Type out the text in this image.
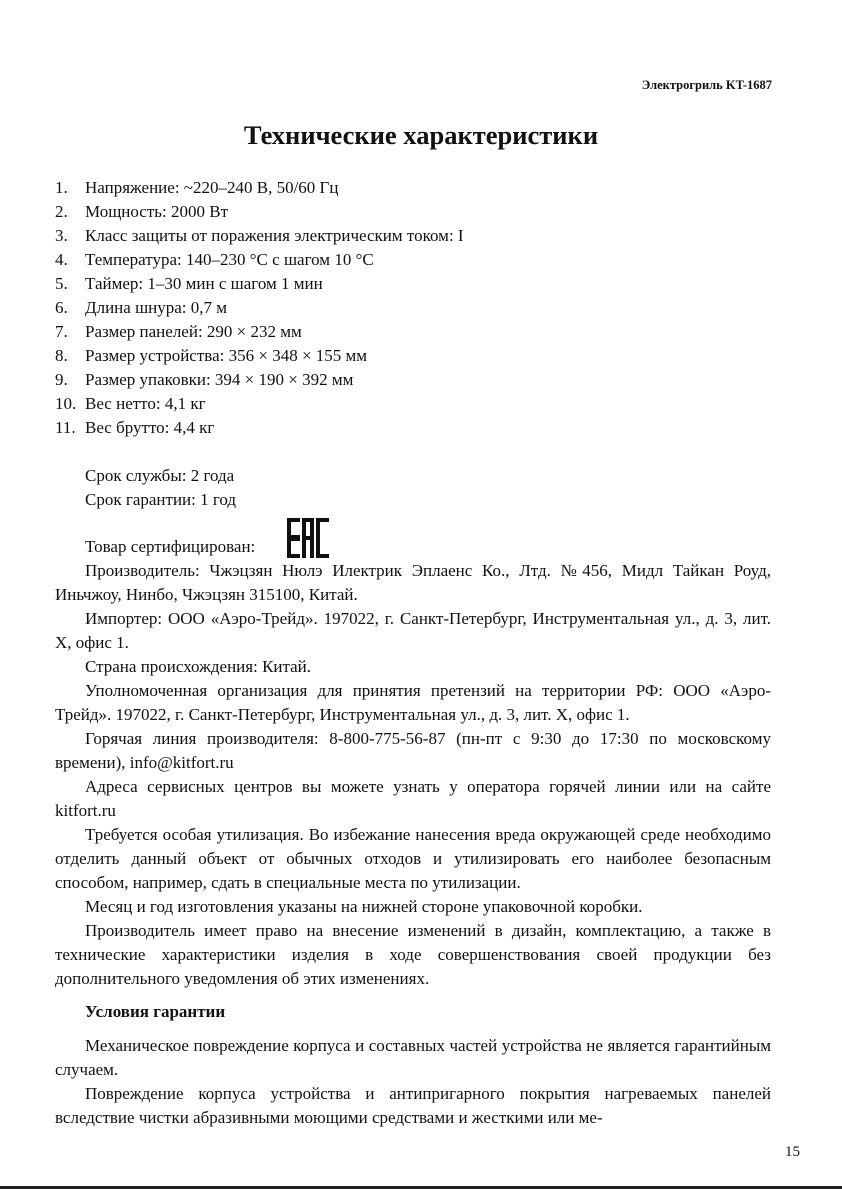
Электрогриль KT-1687
Технические характеристики
1. Напряжение: ~220–240 В, 50/60 Гц
2. Мощность: 2000 Вт
3. Класс защиты от поражения электрическим током: I
4. Температура: 140–230 °С с шагом 10 °С
5. Таймер: 1–30 мин с шагом 1 мин
6. Длина шнура: 0,7 м
7. Размер панелей: 290 × 232 мм
8. Размер устройства: 356 × 348 × 155 мм
9. Размер упаковки: 394 × 190 × 392 мм
10. Вес нетто: 4,1 кг
11. Вес брутто: 4,4 кг

Срок службы: 2 года

Срок гарантии: 1 год

Товар сертифицирован:

Производитель: Чжэцзян Нюлэ Илектрик Эплаенс Ко., Лтд. №456, Мидл Тайкан Роуд, Иньчжоу, Нинбо, Чжэцзян 315100, Китай.

Импортер: ООО «Аэро-Трейд». 197022, г. Санкт-Петербург, Инструментальная ул., д. 3, лит. Х, офис 1.

Страна происхождения: Китай.

Уполномоченная организация для принятия претензий на территории РФ: ООО «Аэро-Трейд». 197022, г. Санкт-Петербург, Инструментальная ул., д. 3, лит. Х, офис 1.

Горячая линия производителя: 8-800-775-56-87 (пн-пт с 9:30 до 17:30 по московскому времени), info@kitfort.ru

Адреса сервисных центров вы можете узнать у оператора горячей линии или на сайте kitfort.ru

Требуется особая утилизация. Во избежание нанесения вреда окружающей среде необходимо отделить данный объект от обычных отходов и утилизировать его наиболее безопасным способом, например, сдать в специальные места по утилизации.

Месяц и год изготовления указаны на нижней стороне упаковочной коробки.

Производитель имеет право на внесение изменений в дизайн, комплектацию, а также в технические характеристики изделия в ходе совершенствования своей продукции без дополнительного уведомления об этих изменениях.

Условия гарантии

Механическое повреждение корпуса и составных частей устройства не является гарантийным случаем.

Повреждение корпуса устройства и антипригарного покрытия нагреваемых панелей вследствие чистки абразивными моющими средствами и жесткими или ме-

15
